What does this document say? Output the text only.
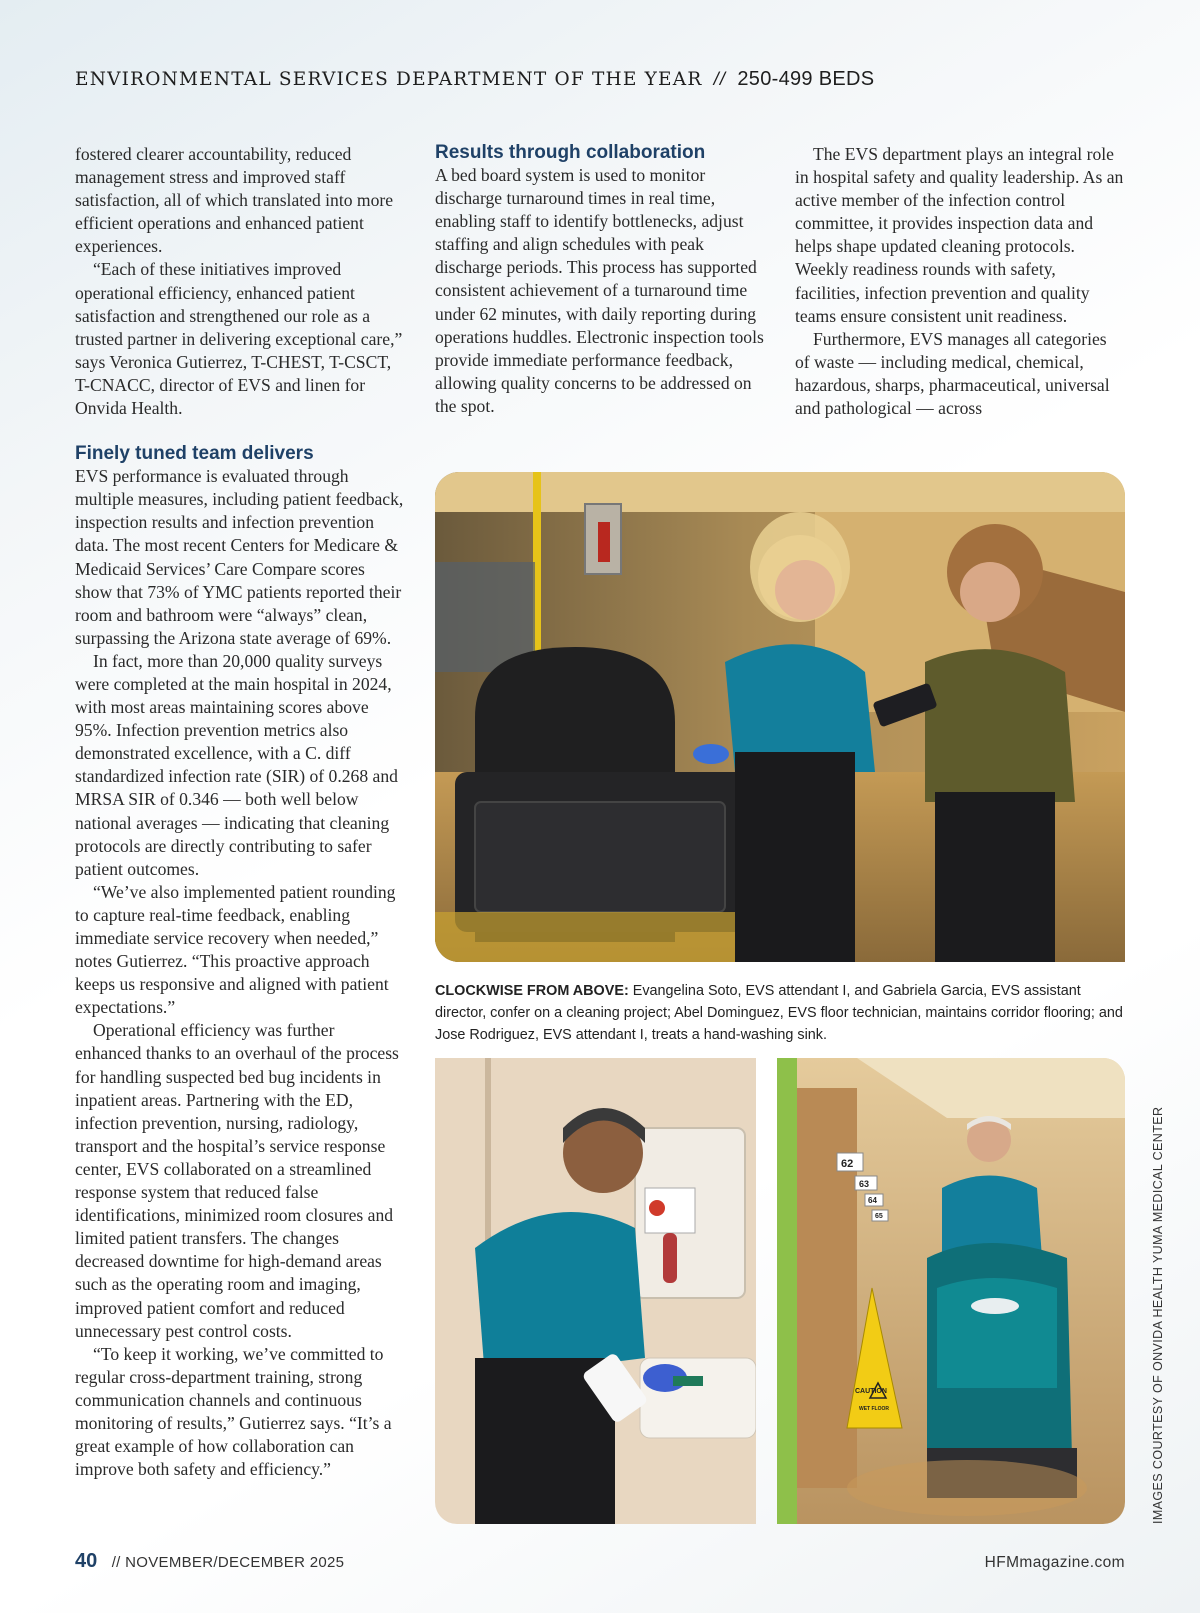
ENVIRONMENTAL SERVICES DEPARTMENT OF THE YEAR // 250-499 BEDS

fostered clearer accountability, reduced management stress and improved staff satisfaction, all of which translated into more efficient operations and enhanced patient experiences.

“Each of these initiatives improved operational efficiency, enhanced patient satisfaction and strengthened our role as a trusted partner in delivering exceptional care,” says Veronica Gutierrez, T-CHEST, T-CSCT, T-CNACC, director of EVS and linen for Onvida Health.

Finely tuned team delivers

EVS performance is evaluated through multiple measures, including patient feedback, inspection results and infection prevention data. The most recent Centers for Medicare & Medicaid Services’ Care Compare scores show that 73% of YMC patients reported their room and bathroom were “always” clean, surpassing the Arizona state average of 69%.

In fact, more than 20,000 quality surveys were completed at the main hospital in 2024, with most areas maintaining scores above 95%. Infection prevention metrics also demonstrated excellence, with a C. diff standardized infection rate (SIR) of 0.268 and MRSA SIR of 0.346 — both well below national averages — indicating that cleaning protocols are directly contributing to safer patient outcomes.

“We’ve also implemented patient rounding to capture real-time feedback, enabling immediate service recovery when needed,” notes Gutierrez. “This proactive approach keeps us responsive and aligned with patient expectations.”

Operational efficiency was further enhanced thanks to an overhaul of the process for handling suspected bed bug incidents in inpatient areas. Partnering with the ED, infection prevention, nursing, radiology, transport and the hospital’s service response center, EVS collaborated on a streamlined response system that reduced false identifications, minimized room closures and limited patient transfers. The changes decreased downtime for high-demand areas such as the operating room and imaging, improved patient comfort and reduced unnecessary pest control costs.

“To keep it working, we’ve committed to regular cross-department training, strong communication channels and continuous monitoring of results,” Gutierrez says. “It’s a great example of how collaboration can improve both safety and efficiency.”

Results through collaboration

A bed board system is used to monitor discharge turnaround times in real time, enabling staff to identify bottlenecks, adjust staffing and align schedules with peak discharge periods. This process has supported consistent achievement of a turnaround time under 62 minutes, with daily reporting during operations huddles. Electronic inspection tools provide immediate performance feedback, allowing quality concerns to be addressed on the spot.

The EVS department plays an integral role in hospital safety and quality leadership. As an active member of the infection control committee, it provides inspection data and helps shape updated cleaning protocols. Weekly readiness rounds with safety, facilities, infection prevention and quality teams ensure consistent unit readiness.

Furthermore, EVS manages all categories of waste — including medical, chemical, hazardous, sharps, pharmaceutical, universal and pathological — across

CLOCKWISE FROM ABOVE: Evangelina Soto, EVS attendant I, and Gabriela Garcia, EVS assistant director, confer on a cleaning project; Abel Dominguez, EVS floor technician, maintains corridor flooring; and Jose Rodriguez, EVS attendant I, treats a hand-washing sink.
62
63
64
65
CAUTION
WET FLOOR	IMAGES COURTESY OF ONVIDA HEALTH YUMA MEDICAL CENTER
40 // NOVEMBER/DECEMBER 2025	HFMmagazine.com
